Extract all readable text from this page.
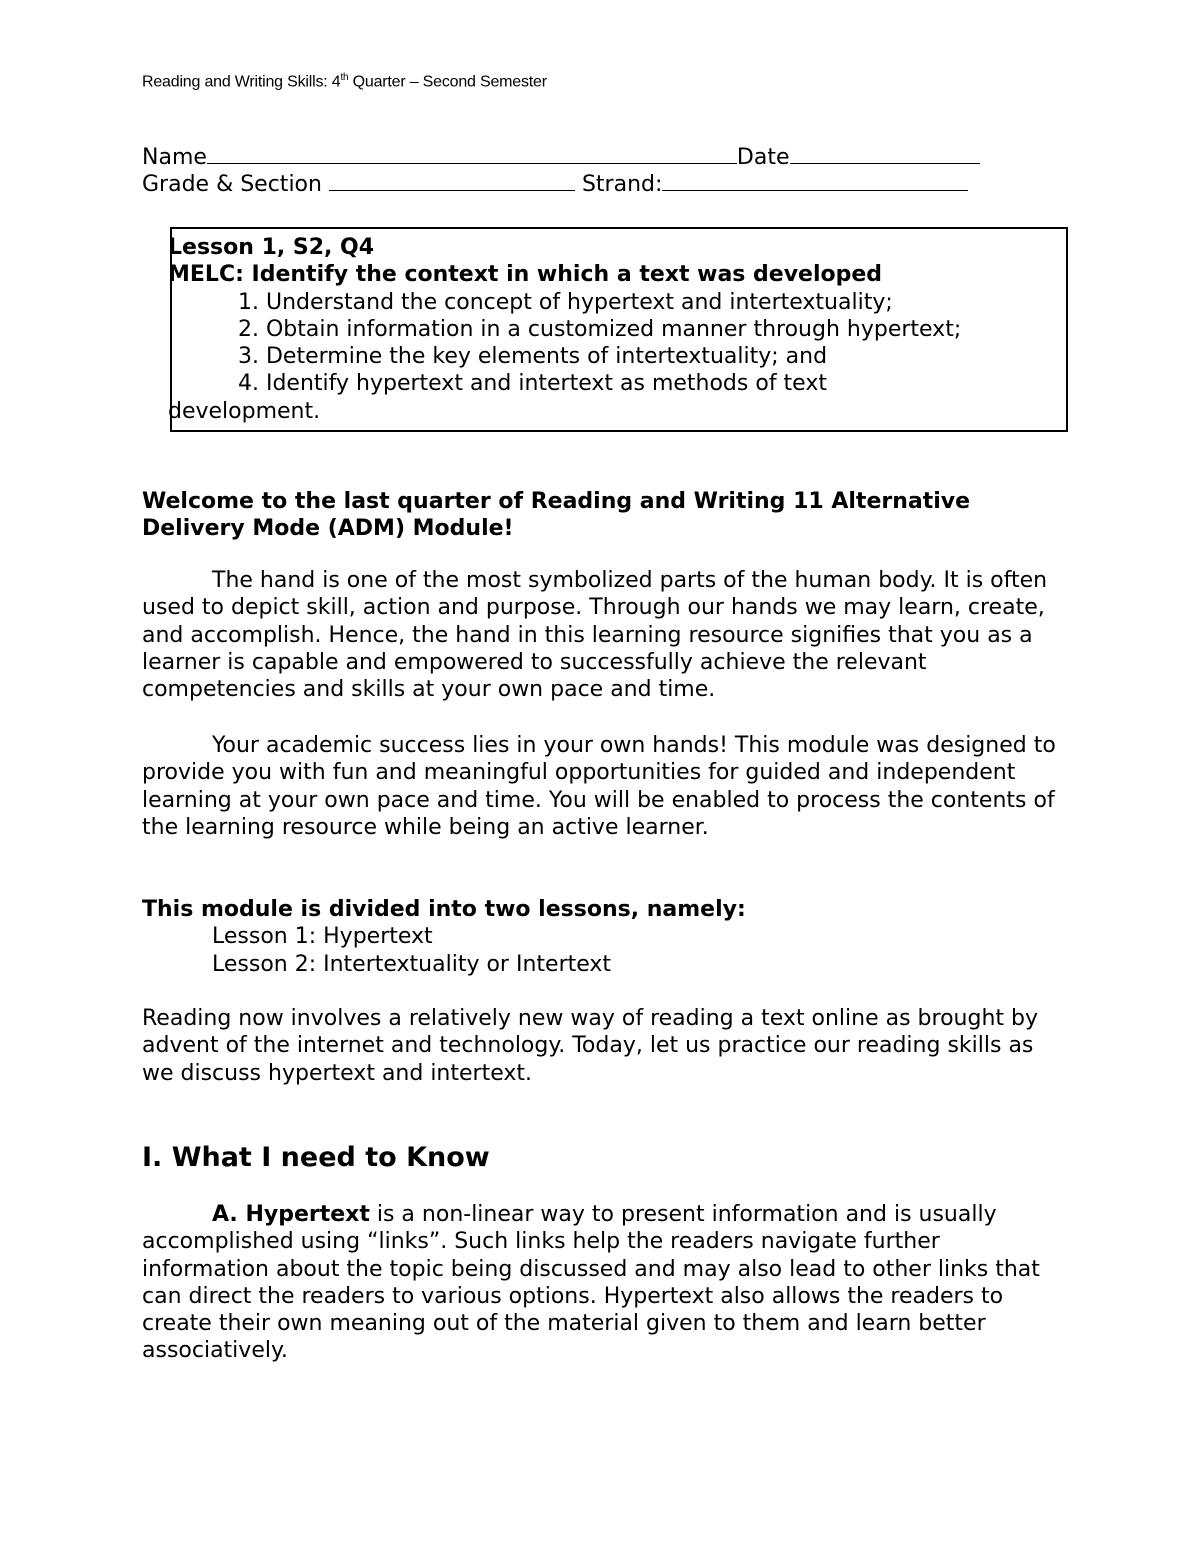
Reading and Writing Skills: 4th Quarter – Second Semester
Name	Date
Grade & Section	Strand:
Lesson 1, S2, Q4
MELC: Identify the context in which a text was developed
1. Understand the concept of hypertext and intertextuality;
2. Obtain information in a customized manner through hypertext;
3. Determine the key elements of intertextuality; and
4. Identify hypertext and intertext as methods of text
development.
Welcome to the last quarter of Reading and Writing 11 Alternative Delivery Mode (ADM) Module!
The hand is one of the most symbolized parts of the human body. It is often used to depict skill, action and purpose. Through our hands we may learn, create, and accomplish. Hence, the hand in this learning resource signifies that you as a learner is capable and empowered to successfully achieve the relevant competencies and skills at your own pace and time.
Your academic success lies in your own hands! This module was designed to provide you with fun and meaningful opportunities for guided and independent learning at your own pace and time. You will be enabled to process the contents of the learning resource while being an active learner.
This module is divided into two lessons, namely:
Lesson 1: Hypertext
Lesson 2: Intertextuality or Intertext
Reading now involves a relatively new way of reading a text online as brought by advent of the internet and technology. Today, let us practice our reading skills as we discuss hypertext and intertext.
I. What I need to Know
A. Hypertext is a non-linear way to present information and is usually accomplished using “links”. Such links help the readers navigate further information about the topic being discussed and may also lead to other links that can direct the readers to various options. Hypertext also allows the readers to create their own meaning out of the material given to them and learn better associatively.
